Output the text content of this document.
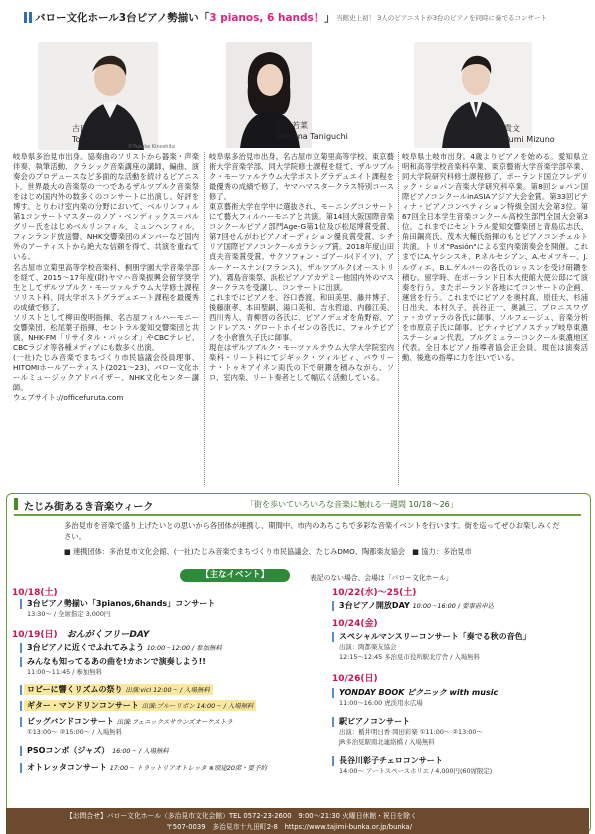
バロー文化ホール3台ピアノ勢揃い「3 pianos, 6 hands！」 当館史上初！ 3人のピアニストが3台のピアノを同時に奏でるコンサート
©Yusuke Kinoshita
古田友哉
Tomoya Furuta
谷口若菜
Wakana Taniguchi
水野貴文
Takafumi Mizuno

岐阜県多治見市出身。協奏曲のソリストから器楽・声楽伴奏、執筆活動、クラシック音楽講座の講師、編曲、演奏会のプロデュースなど多面的な活動を続けるピアニスト。世界最大の音楽祭の一つであるザルツブルク音楽祭をはじめ国内外の数多くのコンサートに出演し、好評を博す。とりわけ室内楽の分野において、ベルリンフィル第1コンサートマスターのノア・ベンディックス＝バルグリー氏をはじめベルリンフィル、ミュンヘンフィル、フィンランド放送響、NHK交響楽団のメンバーなど国内外のアーティストから絶大な信頼を得て、共演を重ねている。

名古屋市立菊里高等学校音楽科、桐朋学園大学音楽学部を経て、2015〜17年度(財)ヤマハ音楽振興会留学奨学生としてザルツブルク・モーツァルテウム大学修士課程ソリスト科、同大学ポストグラデュエート課程を最優秀の成績で修了。

ソリストとして柳田俊明指揮、名古屋フィルハーモニー交響楽団、松尾葉子指揮、セントラル愛知交響楽団と共演。NHK-FM「リサイタル・パッシオ」やCBCテレビ、CBCラジオ等各種メディアにも数多く出演。

(一社)たじみ音楽でまちづくり市民協議会役員理事、HITOMIホールアーティスト(2021〜23)、バロー文化ホールミュージックアドバイザー、NHK文化センター講師。

ウェブサイト://officefuruta.com

岐阜県多治見市出身。名古屋市立菊里高等学校、東京藝術大学音楽学部、同大学院修士課程を経て、ザルツブルク・モーツァルテウム大学ポストグラデュエイト課程を最優秀の成績で修了。ヤマハマスタークラス特別コース修了。

東京藝術大学在学中に選抜され、モーニングコンサートにて藝大フィルハーモニアと共演。第14回大阪国際音楽コンクールピアノ部門Age-G第1位及び松尾博賞受賞、第7回せんがわピアノオーディション優良賞受賞、シチリア国際ピアノコンクールカラシッブ賞。2018年度山田貞夫音楽賞受賞。サクソフォン・ゴアール(ドイツ)、アルーケースナン(フランス)、ザルツブルク(オーストリア)、霧島音楽祭、浜松ピアノアカデミー他国内外のマスタークラスを受講し、コンサートに出演。

これまでにピアノを、谷口香渡、和田美里、藤井博子、後藤康孝、本田聖嗣、湯口美和、吉永哲道、内藤江美、西川秀人、青柳晋の各氏に、ピアノデュオを角野裕、アンドレアス・グロートホイゼンの各氏に、フォルテピアノを小倉貴久子氏に師事。

現在はザルツブルク・モーツァルテウム大学大学院室内楽科・リート科にてジギック・ツィルビィ、パウリーナ・トゥキアイネン両氏の下で研鑽を積みながら、ソロ、室内楽、リート奏者として幅広く活動している。

岐阜県土岐市出身。4歳よりピアノを始める。愛知県立明和高等学校音楽科卒業、東京藝術大学音楽学部卒業、同大学院研究科修士課程修了、ポーランド国立フレデリック・ショパン音楽大学研究科卒業。第8回ショパン国際ピアノコンクールinASIAアジア大会金賞。第33回ピティナ・ピアノコンペティション特級全国大会第3位。第67回全日本学生音楽コンクール高校生部門全国大会第3位。これまでにセントラル愛知交響楽団と青島広志氏、角田鋼亮氏、茂木大輔氏指揮のもとピアノコンチェルト共演。トリオ"Pasión"による室内楽演奏会を開催。これまでにA.ヤシンスキ、P.ネルセシアン、A.セメツキー、J.ルヴィエ、B.L.ゲルバーの各氏のレッスンを受け研鑽を積む。留学時、在ポーランド日本大使館大使公邸にて演奏を行う。またポーランド各地にてコンサートの企画、運営を行う。これまでにピアノを奥村真、原佳大、杉浦日出夫、本村久子、長谷正一、奥誠三、プロニスワヴァ・カヴァラの各氏に師事、ソルフェージュ、音楽分析を市原京子氏に師事。ピティナピアノステップ岐阜東濃ステーション代表。ブルグミュラーコンクール東濃地区代表。全日本ピアノ指導者協会正会員。現在は演奏活動、後進の指導に力を注いでいる。

たじみ街あるき音楽ウィーク	「街を歩いていろいろな音楽に触れる一週間 10/18〜26」
多治見市を音楽で盛り上げたいとの思いから各団体が連携し、期間中、市内のあちこちで多彩な音楽イベントを行います。街を巡ってぜひお楽しみください。
■ 連携団体：多治見市文化会館、(一社)たじみ音楽でまちづくり市民協議会、たじみDMO、陶都楽友協会　■ 協力：多治見市
【主なイベント】	表記のない場合、会場は「バロー文化ホール」
10/18(土)
3台ピアノ勢揃い「3pianos,6hands」コンサート
13:30〜 / 全席指定 3,000円
10/19(日) おんがくフリーDAY
3台ピアノに近くでふれてみよう 10:00〜12:00 / 参加無料
みんなも知ってるあの曲を!カホンで演奏しよう!!
11:00〜11:45 / 参加無料
ロビーに響くリズムの祭り 出演:vicl 12:00〜 / 入場無料
ギター・マンドリンコンサート 出演:ブルーリボン 14:00〜 / 入場無料
ビッグバンドコンサート 出演:フェニックスサウンズオーケストラ
①13:00〜 ②15:00〜 / 入場無料
PSOコンボ（ジャズ） 16:00〜 / 入場無料
オトレッタコンサート 17:00〜 トラットリアオトレッタ ※別途20席・要予約
10/22(水)〜25(土)
3台ピアノ開放DAY 10:00〜16:00 / 要事前申込
10/24(金)
スペシャルマンスリーコンサート「奏でる秋の音色」
出演：陶都楽友協会
12:15〜12:45 多治見市役所駅北庁舎 / 入場無料
10/26(日)
YONDAY BOOK ピクニック with music
11:00〜16:00 虎渓用水広場
駅ピアノコンサート
出演：楯井明日香 岡田彩楽 ①11:00〜 ②13:00〜
JR多治見駅南北連絡橋 / 入場無料
長谷川彰子チェロコンサート
14:00〜 アートスペースホリエ / 4,000円(60席限定)
【お問合せ】バロー文化ホール（多治見市文化会館）TEL 0572-23-2600　9:00〜21:30 火曜日休館・祝日を除く
〒507-0039　多治見市十九田町2-8　https://www.tajimi-bunka.or.jp/bunka/
